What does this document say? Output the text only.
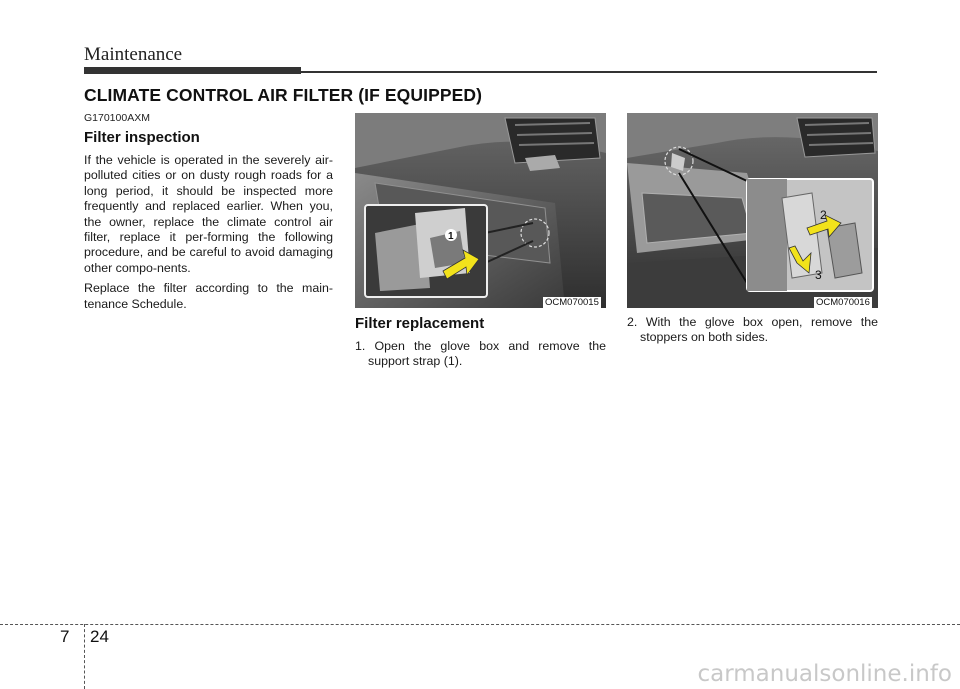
Maintenance
CLIMATE CONTROL AIR FILTER (IF EQUIPPED)

G170100AXM

Filter inspection

If the vehicle is operated in the severely air-polluted cities or on dusty rough roads for a long period, it should be inspected more frequently and replaced earlier. When you, the owner, replace the climate control air filter, replace it per-forming the following procedure, and be careful to avoid damaging other compo-nents.

Replace the filter according to the main-tenance Schedule.

1
OCM070015
2
3
OCM070016

Filter replacement

1. Open the glove box and remove the support strap (1).

2. With the glove box open, remove the stoppers on both sides.

7 24
carmanualsonline.info
